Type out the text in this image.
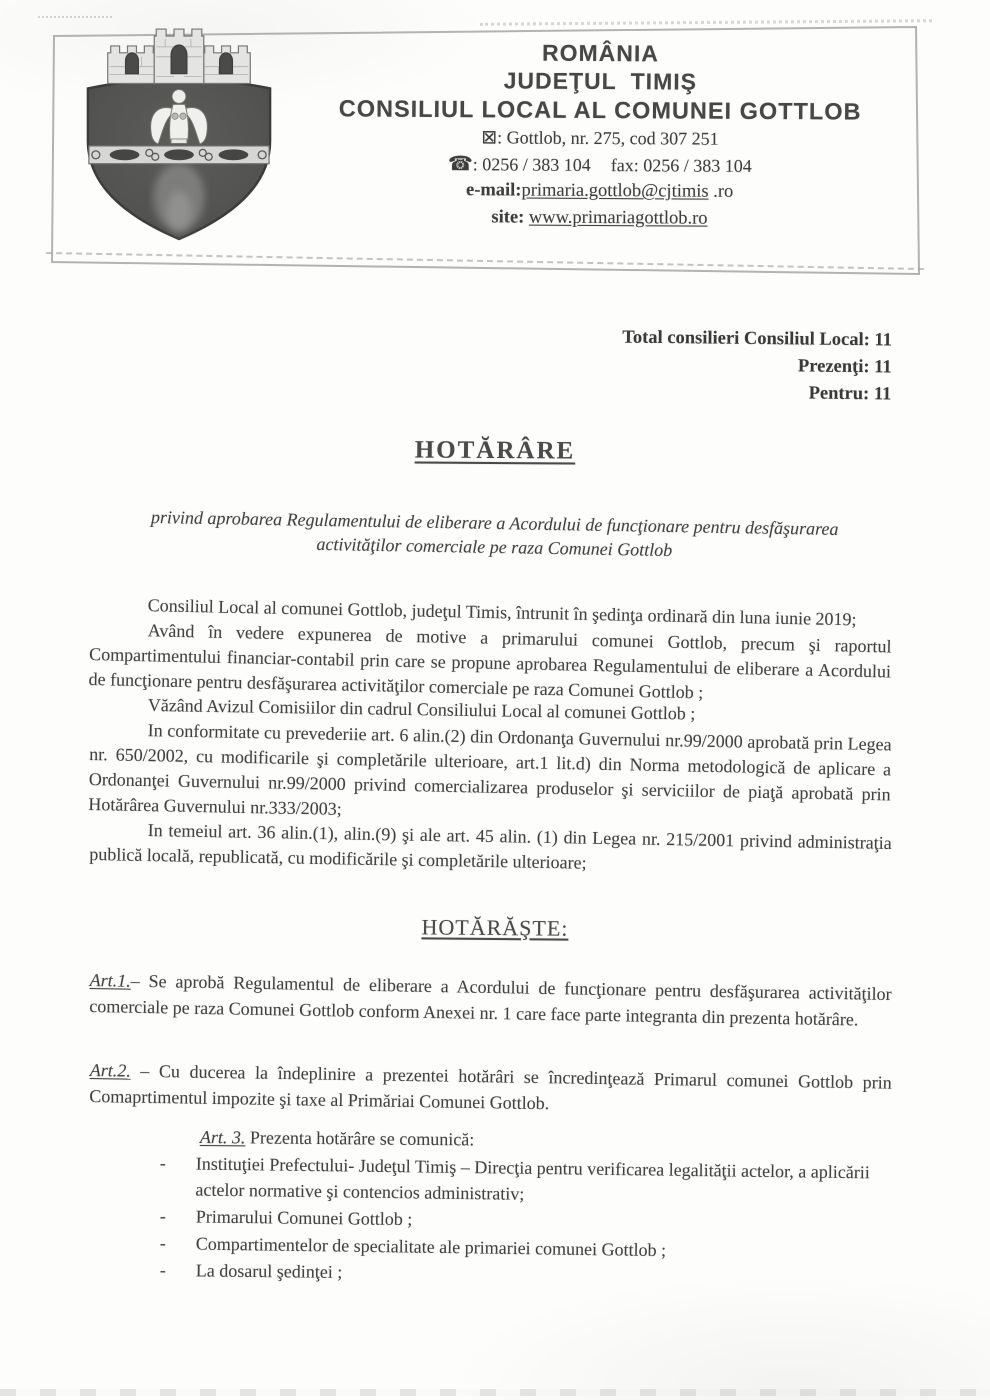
ROMÂNIA
JUDEŢUL TIMIŞ
CONSILIUL LOCAL AL COMUNEI GOTTLOB
⊠: Gottlob, nr. 275, cod 307 251
☎: 0256 / 383 104 fax: 0256 / 383 104
e-mail:primaria.gottlob@cjtimis .ro
site: www.primariagottlob.ro
Total consilieri Consiliul Local: 11
Prezenţi: 11
Pentru: 11
HOTĂRÂRE
privind aprobarea Regulamentului de eliberare a Acordului de funcţionare pentru desfăşurarea
activităţilor comerciale pe raza Comunei Gottlob

Consiliul Local al comunei Gottlob, judeţul Timis, întrunit în şedinţa ordinară din luna iunie 2019;

Având în vedere expunerea de motive a primarului comunei Gottlob, precum şi raportul Compartimentului financiar-contabil prin care se propune aprobarea Regulamentului de eliberare a Acordului de funcţionare pentru desfăşurarea activităţilor comerciale pe raza Comunei Gottlob ;

Văzând Avizul Comisiilor din cadrul Consiliului Local al comunei Gottlob ;

In conformitate cu prevederiie art. 6 alin.(2) din Ordonanţa Guvernului nr.99/2000 aprobată prin Legea nr. 650/2002, cu modificarile şi completările ulterioare, art.1 lit.d) din Norma metodologică de aplicare a Ordonanţei Guvernului nr.99/2000 privind comercializarea produselor şi serviciilor de piaţă aprobată prin Hotărârea Guvernului nr.333/2003;

In temeiul art. 36 alin.(1), alin.(9) şi ale art. 45 alin. (1) din Legea nr. 215/2001 privind administraţia publică locală, republicată, cu modificările şi completările ulterioare;

HOTĂRĂŞTE:

Art.1.– Se aprobă Regulamentul de eliberare a Acordului de funcţionare pentru desfăşurarea activităţilor comerciale pe raza Comunei Gottlob conform Anexei nr. 1 care face parte integranta din prezenta hotărâre.

Art.2. – Cu ducerea la îndeplinire a prezentei hotărâri se încredinţează Primarul comunei Gottlob prin Comaprtimentul impozite şi taxe al Primăriai Comunei Gottlob.

Art. 3. Prezenta hotărâre se comunică:

- Instituţiei Prefectului- Judeţul Timiş – Direcţia pentru verificarea legalităţii actelor, a aplicării actelor normative şi contencios administrativ;
- Primarului Comunei Gottlob ;
- Compartimentelor de specialitate ale primariei comunei Gottlob ;
- La dosarul şedinţei ;
